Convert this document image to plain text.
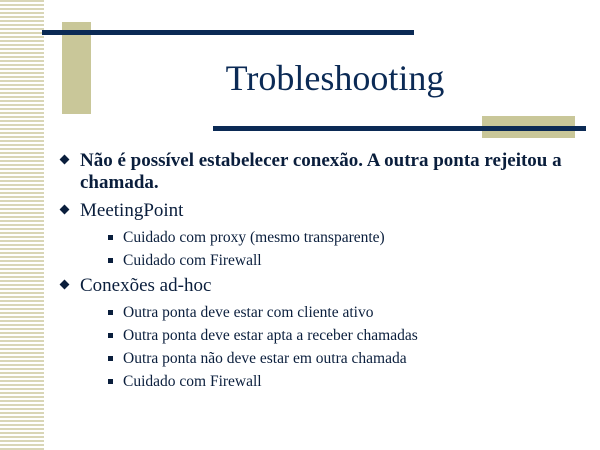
Trobleshooting
Não é possível estabelecer conexão. A outra ponta rejeitou a chamada.
MeetingPoint
Cuidado com proxy (mesmo transparente)
Cuidado com Firewall
Conexões ad-hoc
Outra ponta deve estar com cliente ativo
Outra ponta deve estar apta a receber chamadas
Outra ponta não deve estar em outra chamada
Cuidado com Firewall
